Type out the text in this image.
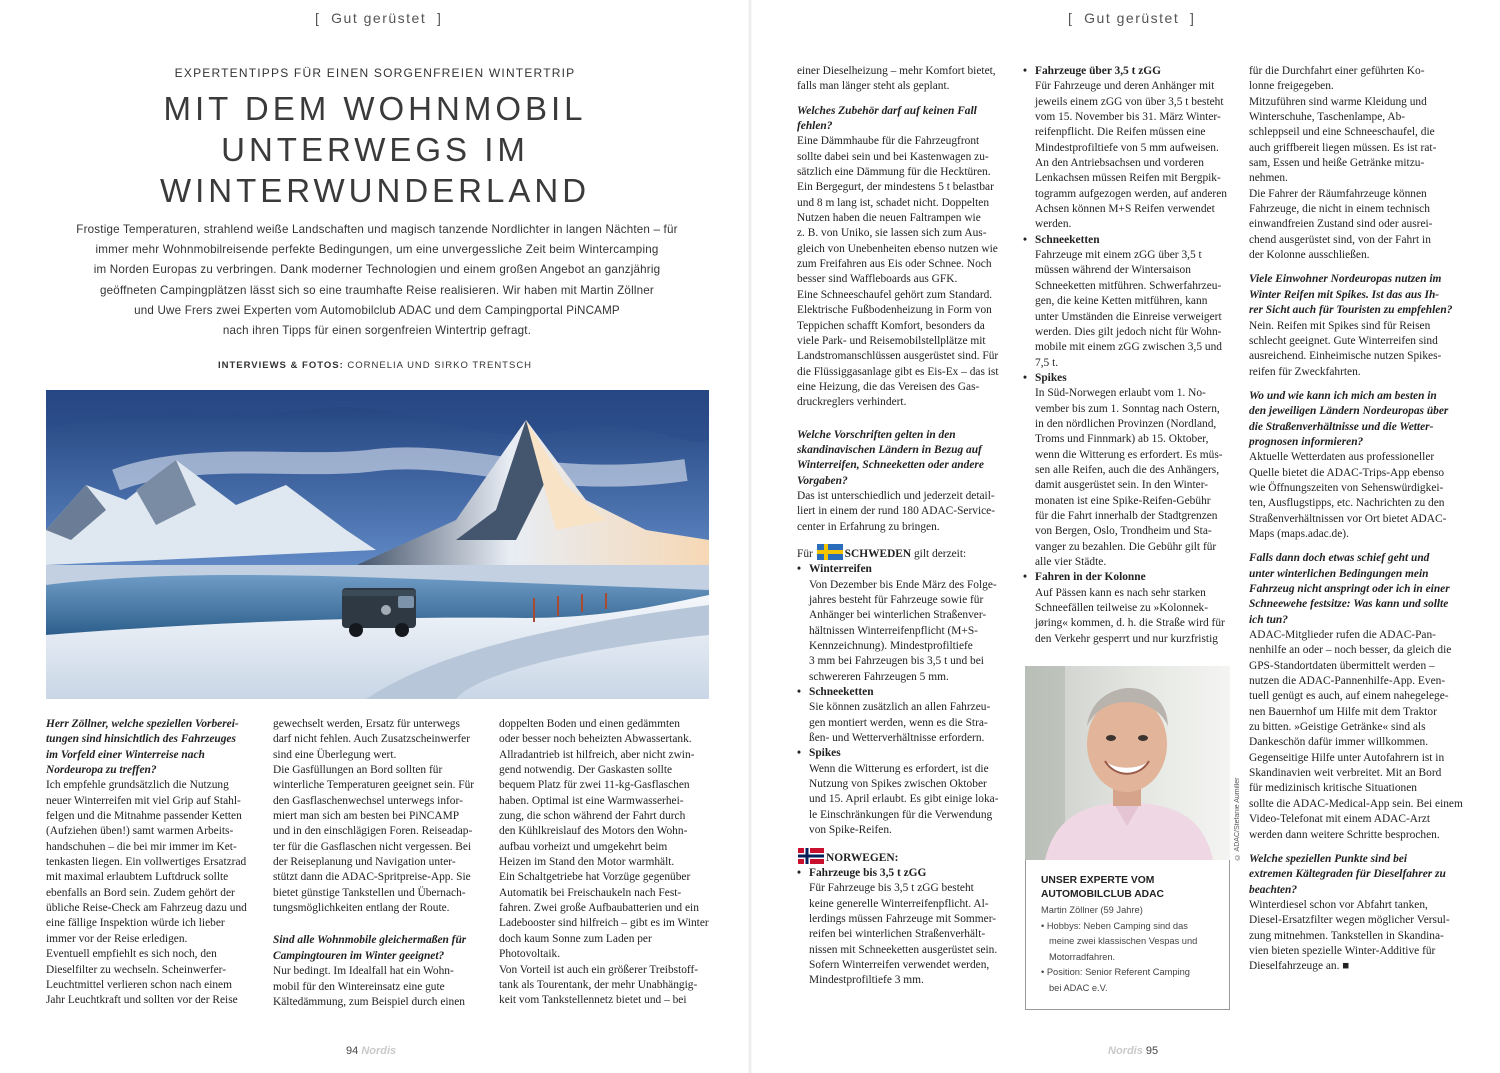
[  Gut gerüstet  ]
EXPERTENTIPPS FÜR EINEN SORGENFREIEN WINTERTRIP
MIT DEM WOHNMOBIL
UNTERWEGS IM
WINTERWUNDERLAND
Frostige Temperaturen, strahlend weiße Landschaften und magisch tanzende Nordlichter in langen Nächten – für
immer mehr Wohnmobilreisende perfekte Bedingungen, um eine unvergessliche Zeit beim Wintercamping
im Norden Europas zu verbringen. Dank moderner Technologien und einem großen Angebot an ganzjährig
geöffneten Campingplätzen lässt sich so eine traumhafte Reise realisieren. Wir haben mit Martin Zöllner
und Uwe Frers zwei Experten vom Automobilclub ADAC und dem Campingportal PiNCAMP
nach ihren Tipps für einen sorgenfreien Wintertrip gefragt.
INTERVIEWS & FOTOS: CORNELIA UND SIRKO TRENTSCH
Herr Zöllner, welche speziellen Vorberei-
tungen sind hinsichtlich des Fahrzeuges
im Vorfeld einer Winterreise nach
Nordeuropa zu treffen?
Ich empfehle grundsätzlich die Nutzung
neuer Winterreifen mit viel Grip auf Stahl-
felgen und die Mitnahme passender Ketten
(Aufziehen üben!) samt warmen Arbeits-
handschuhen – die bei mir immer im Ket-
tenkasten liegen. Ein vollwertiges Ersatzrad
mit maximal erlaubtem Luftdruck sollte
ebenfalls an Bord sein. Zudem gehört der
übliche Reise-Check am Fahrzeug dazu und
eine fällige Inspektion würde ich lieber
immer vor der Reise erledigen.
Eventuell empfiehlt es sich noch, den
Dieselfilter zu wechseln. Scheinwerfer-
Leuchtmittel verlieren schon nach einem
Jahr Leuchtkraft und sollten vor der Reise
gewechselt werden, Ersatz für unterwegs
darf nicht fehlen. Auch Zusatzscheinwerfer
sind eine Überlegung wert.
Die Gasfüllungen an Bord sollten für
winterliche Temperaturen geeignet sein. Für
den Gasflaschenwechsel unterwegs infor-
miert man sich am besten bei PiNCAMP
und in den einschlägigen Foren. Reiseadap-
ter für die Gasflaschen nicht vergessen. Bei
der Reiseplanung und Navigation unter-
stützt dann die ADAC-Spritpreise-App. Sie
bietet günstige Tankstellen und Übernach-
tungsmöglichkeiten entlang der Route.
Sind alle Wohnmobile gleichermaßen für
Campingtouren im Winter geeignet?
Nur bedingt. Im Idealfall hat ein Wohn-
mobil für den Wintereinsatz eine gute
Kältedämmung, zum Beispiel durch einen
doppelten Boden und einen gedämmten
oder besser noch beheizten Abwassertank.
Allradantrieb ist hilfreich, aber nicht zwin-
gend notwendig. Der Gaskasten sollte
bequem Platz für zwei 11-kg-Gasflaschen
haben. Optimal ist eine Warmwasserhei-
zung, die schon während der Fahrt durch
den Kühlkreislauf des Motors den Wohn-
aufbau vorheizt und umgekehrt beim
Heizen im Stand den Motor warmhält.
Ein Schaltgetriebe hat Vorzüge gegenüber
Automatik bei Freischaukeln nach Fest-
fahren. Zwei große Aufbaubatterien und ein
Ladebooster sind hilfreich – gibt es im Winter
doch kaum Sonne zum Laden per
Photovoltaik.
Von Vorteil ist auch ein größerer Treibstoff-
tank als Tourentank, der mehr Unabhängig-
keit vom Tankstellennetz bietet und – bei
94 Nordis
[  Gut gerüstet  ]
einer Dieselheizung – mehr Komfort bietet,
falls man länger steht als geplant.
Welches Zubehör darf auf keinen Fall
fehlen?
Eine Dämmhaube für die Fahrzeugfront
sollte dabei sein und bei Kastenwagen zu-
sätzlich eine Dämmung für die Hecktüren.
Ein Bergegurt, der mindestens 5 t belastbar
und 8 m lang ist, schadet nicht. Doppelten
Nutzen haben die neuen Faltrampen wie
z. B. von Uniko, sie lassen sich zum Aus-
gleich von Unebenheiten ebenso nutzen wie
zum Freifahren aus Eis oder Schnee. Noch
besser sind Waffleboards aus GFK.
Eine Schneeschaufel gehört zum Standard.
Elektrische Fußbodenheizung in Form von
Teppichen schafft Komfort, besonders da
viele Park- und Reisemobilstellplätze mit
Landstromanschlüssen ausgerüstet sind. Für
die Flüssiggasanlage gibt es Eis-Ex – das ist
eine Heizung, die das Vereisen des Gas-
druckreglers verhindert.
Welche Vorschriften gelten in den
skandinavischen Ländern in Bezug auf
Winterreifen, Schneeketten oder andere
Vorgaben?
Das ist unterschiedlich und jederzeit detail-
liert in einem der rund 180 ADAC-Service-
center in Erfahrung zu bringen.
Für	SCHWEDEN gilt derzeit:
• Winterreifen
Von Dezember bis Ende März des Folge-
jahres besteht für Fahrzeuge sowie für
Anhänger bei winterlichen Straßenver-
hältnissen Winterreifenpflicht (M+S-
Kennzeichnung). Mindestprofiltiefe
3 mm bei Fahrzeugen bis 3,5 t und bei
schwereren Fahrzeugen 5 mm.
• Schneeketten
Sie können zusätzlich an allen Fahrzeu-
gen montiert werden, wenn es die Stra-
ßen- und Wetterverhältnisse erfordern.
• Spikes
Wenn die Witterung es erfordert, ist die
Nutzung von Spikes zwischen Oktober
und 15. April erlaubt. Es gibt einige loka-
le Einschränkungen für die Verwendung
von Spike-Reifen.
NORWEGEN:
• Fahrzeuge bis 3,5 t zGG
Für Fahrzeuge bis 3,5 t zGG besteht
keine generelle Winterreifenpflicht. Al-
lerdings müssen Fahrzeuge mit Sommer-
reifen bei winterlichen Straßenverhält-
nissen mit Schneeketten ausgerüstet sein.
Sofern Winterreifen verwendet werden,
Mindestprofiltiefe 3 mm.
• Fahrzeuge über 3,5 t zGG
Für Fahrzeuge und deren Anhänger mit
jeweils einem zGG von über 3,5 t besteht
vom 15. November bis 31. März Winter-
reifenpflicht. Die Reifen müssen eine
Mindestprofiltiefe von 5 mm aufweisen.
An den Antriebsachsen und vorderen
Lenkachsen müssen Reifen mit Bergpik-
togramm aufgezogen werden, auf anderen
Achsen können M+S Reifen verwendet
werden.
• Schneeketten
Fahrzeuge mit einem zGG über 3,5 t
müssen während der Wintersaison
Schneeketten mitführen. Schwerfahrzeu-
gen, die keine Ketten mitführen, kann
unter Umständen die Einreise verweigert
werden. Dies gilt jedoch nicht für Wohn-
mobile mit einem zGG zwischen 3,5 und
7,5 t.
• Spikes
In Süd-Norwegen erlaubt vom 1. No-
vember bis zum 1. Sonntag nach Ostern,
in den nördlichen Provinzen (Nordland,
Troms und Finnmark) ab 15. Oktober,
wenn die Witterung es erfordert. Es müs-
sen alle Reifen, auch die des Anhängers,
damit ausgerüstet sein. In den Winter-
monaten ist eine Spike-Reifen-Gebühr
für die Fahrt innerhalb der Stadtgrenzen
von Bergen, Oslo, Trondheim und Sta-
vanger zu bezahlen. Die Gebühr gilt für
alle vier Städte.
• Fahren in der Kolonne
Auf Pässen kann es nach sehr starken
Schneefällen teilweise zu »Kolonnek-
jøring« kommen, d. h. die Straße wird für
den Verkehr gesperrt und nur kurzfristig
für die Durchfahrt einer geführten Ko-
lonne freigegeben.
Mitzuführen sind warme Kleidung und
Winterschuhe, Taschenlampe, Ab-
schleppseil und eine Schneeschaufel, die
auch griffbereit liegen müssen. Es ist rat-
sam, Essen und heiße Getränke mitzu-
nehmen.
Die Fahrer der Räumfahrzeuge können
Fahrzeuge, die nicht in einem technisch
einwandfreien Zustand sind oder ausrei-
chend ausgerüstet sind, von der Fahrt in
der Kolonne ausschließen.
Viele Einwohner Nordeuropas nutzen im
Winter Reifen mit Spikes. Ist das aus Ih-
rer Sicht auch für Touristen zu empfehlen?
Nein. Reifen mit Spikes sind für Reisen
schlecht geeignet. Gute Winterreifen sind
ausreichend. Einheimische nutzen Spikes-
reifen für Zweckfahrten.
Wo und wie kann ich mich am besten in
den jeweiligen Ländern Nordeuropas über
die Straßenverhältnisse und die Wetter-
prognosen informieren?
Aktuelle Wetterdaten aus professioneller
Quelle bietet die ADAC-Trips-App ebenso
wie Öffnungszeiten von Sehenswürdigkei-
ten, Ausflugstipps, etc. Nachrichten zu den
Straßenverhältnissen vor Ort bietet ADAC-
Maps (maps.adac.de).
Falls dann doch etwas schief geht und
unter winterlichen Bedingungen mein
Fahrzeug nicht anspringt oder ich in einer
Schneewehe festsitze: Was kann und sollte
ich tun?
ADAC-Mitglieder rufen die ADAC-Pan-
nenhilfe an oder – noch besser, da gleich die
GPS-Standortdaten übermittelt werden –
nutzen die ADAC-Pannenhilfe-App. Even-
tuell genügt es auch, auf einem nahegelege-
nen Bauernhof um Hilfe mit dem Traktor
zu bitten. »Geistige Getränke« sind als
Dankeschön dafür immer willkommen.
Gegenseitige Hilfe unter Autofahrern ist in
Skandinavien weit verbreitet. Mit an Bord
für medizinisch kritische Situationen
sollte die ADAC-Medical-App sein. Bei einem
Video-Telefonat mit einem ADAC-Arzt
werden dann weitere Schritte besprochen.
Welche speziellen Punkte sind bei
extremen Kältegraden für Dieselfahrer zu
beachten?
Winterdiesel schon vor Abfahrt tanken,
Diesel-Ersatzfilter wegen möglicher Versul-
zung mitnehmen. Tankstellen in Skandina-
vien bieten spezielle Winter-Additive für
Dieselfahrzeuge an. ■
© ADAC/Stefanie Aumiller
UNSER EXPERTE VOM
AUTOMOBILCLUB ADAC
Martin Zöllner (59 Jahre)
• Hobbys: Neben Camping sind das
meine zwei klassischen Vespas und
Motorradfahren.
• Position: Senior Referent Camping
bei ADAC e.V.
Nordis 95
